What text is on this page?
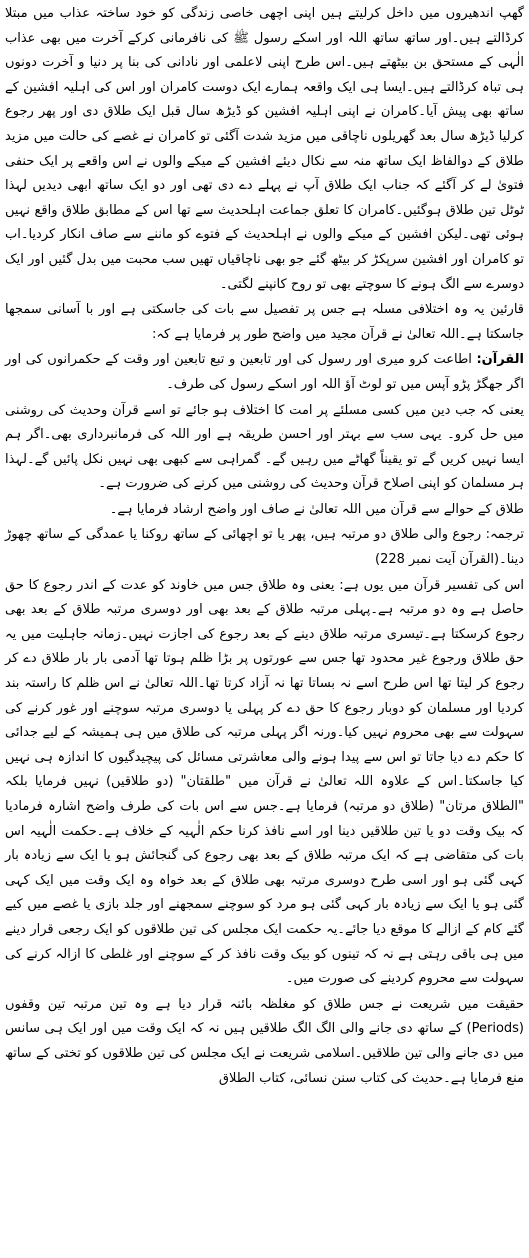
گھپ اندھیروں میں داخل کرلیتے ہیں اپنی اچھی خاصی زندگی کو خود ساختہ عذاب میں مبتلا کرڈالتے ہیں۔اور ساتھ ساتھ اللہ اور اسکے رسول ﷺ کی نافرمانی کرکے آخرت میں بھی عذاب الٰہی کے مستحق بن بیٹھتے ہیں۔اس طرح اپنی لاعلمی اور نادانی کی بنا پر دنیا و آخرت دونوں ہی تباہ کرڈالتے ہیں۔ایسا ہی ایک واقعہ ہمارے ایک دوست کامران اور اس کی اہلیہ افشین کے ساتھ بھی پیش آیا۔کامران نے اپنی اہلیہ افشین کو ڈیڑھ سال قبل ایک طلاق دی اور پھر رجوع کرلیا ڈیڑھ سال بعد گھریلوں ناچاقی میں مزید شدت آگئی تو کامران نے غصے کی حالت میں مزید طلاق کے دوالفاظ ایک ساتھ منہ سے نکال دیئے افشین کے میکے والوں نے اس واقعے پر ایک حنفی فتویٰ لے کر آگئے کہ جناب ایک طلاق آپ نے پہلے دے دی تھی اور دو ایک ساتھ ابھی دیدیں لہذا ٹوٹل تین طلاق ہوگئیں۔کامران کا تعلق جماعت اہلحدیث سے تھا اس کے مطابق طلاق واقع نہیں ہوئی تھی۔لیکن افشین کے میکے والوں نے اہلحدیث کے فتوے کو ماننے سے صاف انکار کردیا۔اب تو کامران اور افشین سرپکڑ کر بیٹھ گئے جو بھی ناچاقیاں تھیں سب محبت میں بدل گئیں اور ایک دوسرے سے الگ ہونے کا سوچتے بھی تو روح کانپنے لگتی۔

قارئین یہ وہ اختلافی مسلہ ہے جس پر تفصیل سے بات کی جاسکتی ہے اور با آسانی سمجھا جاسکتا ہے۔اللہ تعالیٰ نے قرآن مجید میں واضح طور پر فرمایا ہے کہ:

القرآن: اطاعت کرو میری اور رسول کی اور تابعین و تبع تابعین اور وقت کے حکمرانوں کی اور اگر جھگڑ پڑو آپس میں تو لوٹ آؤ اللہ اور اسکے رسول کی طرف۔

یعنی کہ جب دین میں کسی مسلئے پر امت کا اختلاف ہو جائے تو اسے قرآن وحدیث کی روشنی میں حل کرو۔ یہی سب سے بہتر اور احسن طریقہ ہے اور اللہ کی فرمانبرداری بھی۔اگر ہم ایسا نہیں کریں گے تو یقیناً گھاٹے میں رہیں گے۔ گمراہی سے کبھی بھی نہیں نکل پائیں گے۔لہذا ہر مسلمان کو اپنی اصلاح قرآن وحدیث کی روشنی میں کرنے کی ضرورت ہے۔

طلاق کے حوالے سے قرآن میں اللہ تعالیٰ نے صاف اور واضح ارشاد فرمایا ہے۔

ترجمہ: رجوع والی طلاق دو مرتبہ ہیں، پھر یا تو اچھائی کے ساتھ روکنا یا عمدگی کے ساتھ چھوڑ دینا۔(القرآن آیت نمبر 228)

اس کی تفسیر قرآن میں یوں ہے: یعنی وہ طلاق جس میں خاوند کو عدت کے اندر رجوع کا حق حاصل ہے وہ دو مرتبہ ہے۔پہلی مرتبہ طلاق کے بعد بھی اور دوسری مرتبہ طلاق کے بعد بھی رجوع کرسکتا ہے۔تیسری مرتبہ طلاق دینے کے بعد رجوع کی اجازت نہیں۔زمانہ جاہلیت میں یہ حق طلاق ورجوع غیر محدود تھا جس سے عورتوں پر بڑا ظلم ہوتا تھا آدمی بار بار طلاق دے کر رجوع کر لیتا تھا اس طرح اسے نہ بساتا تھا نہ آزاد کرتا تھا۔اللہ تعالیٰ نے اس ظلم کا راستہ بند کردیا اور مسلمان کو دوبار رجوع کا حق دے کر پہلی یا دوسری مرتبہ سوچنے اور غور کرنے کی سہولت سے بھی محروم نہیں کیا۔ورنہ اگر پہلی مرتبہ کی طلاق میں ہی ہمیشہ کے لیے جدائی کا حکم دے دیا جاتا تو اس سے پیدا ہونے والی معاشرتی مسائل کی پیچیدگیوں کا اندازہ ہی نہیں کیا جاسکتا۔اس کے علاوہ اللہ تعالیٰ نے قرآن میں "طلقتان" (دو طلاقیں) نہیں فرمایا بلکہ "الطلاق مرتان" (طلاق دو مرتبہ) فرمایا ہے۔جس سے اس بات کی طرف واضح اشارہ فرمادیا کہ بیک وقت دو یا تین طلاقیں دینا اور اسے نافذ کرنا حکم الٰہیہ کے خلاف ہے۔حکمت الٰہیہ اس بات کی متقاضی ہے کہ ایک مرتبہ طلاق کے بعد بھی رجوع کی گنجائش ہو یا ایک سے زیادہ بار کہی گئی ہو اور اسی طرح دوسری مرتبہ بھی طلاق کے بعد خواہ وہ ایک وقت میں ایک کہی گئی ہو یا ایک سے زیادہ بار کہی گئی ہو مرد کو سوچنے سمجھنے اور جلد بازی یا غصے میں کیے گئے کام کے ازالے کا موقع دیا جائے۔یہ حکمت ایک مجلس کی تین طلاقوں کو ایک رجعی قرار دینے میں ہی باقی رہتی ہے نہ کہ تینوں کو بیک وقت نافذ کر کے سوچنے اور غلطی کا ازالہ کرنے کی سہولت سے محروم کردینے کی صورت میں۔

حقیقت میں شریعت نے جس طلاق کو مغلظہ بائنہ قرار دیا ہے وہ تین مرتبہ تین وقفوں (Periods) کے ساتھ دی جانے والی الگ الگ طلاقیں ہیں نہ کہ ایک وقت میں اور ایک ہی سانس میں دی جانے والی تین طلاقیں۔اسلامی شریعت نے ایک مجلس کی تین طلاقوں کو تختی کے ساتھ منع فرمایا ہے۔حدیث کی کتاب سنن نسائی، کتاب الطلاق
